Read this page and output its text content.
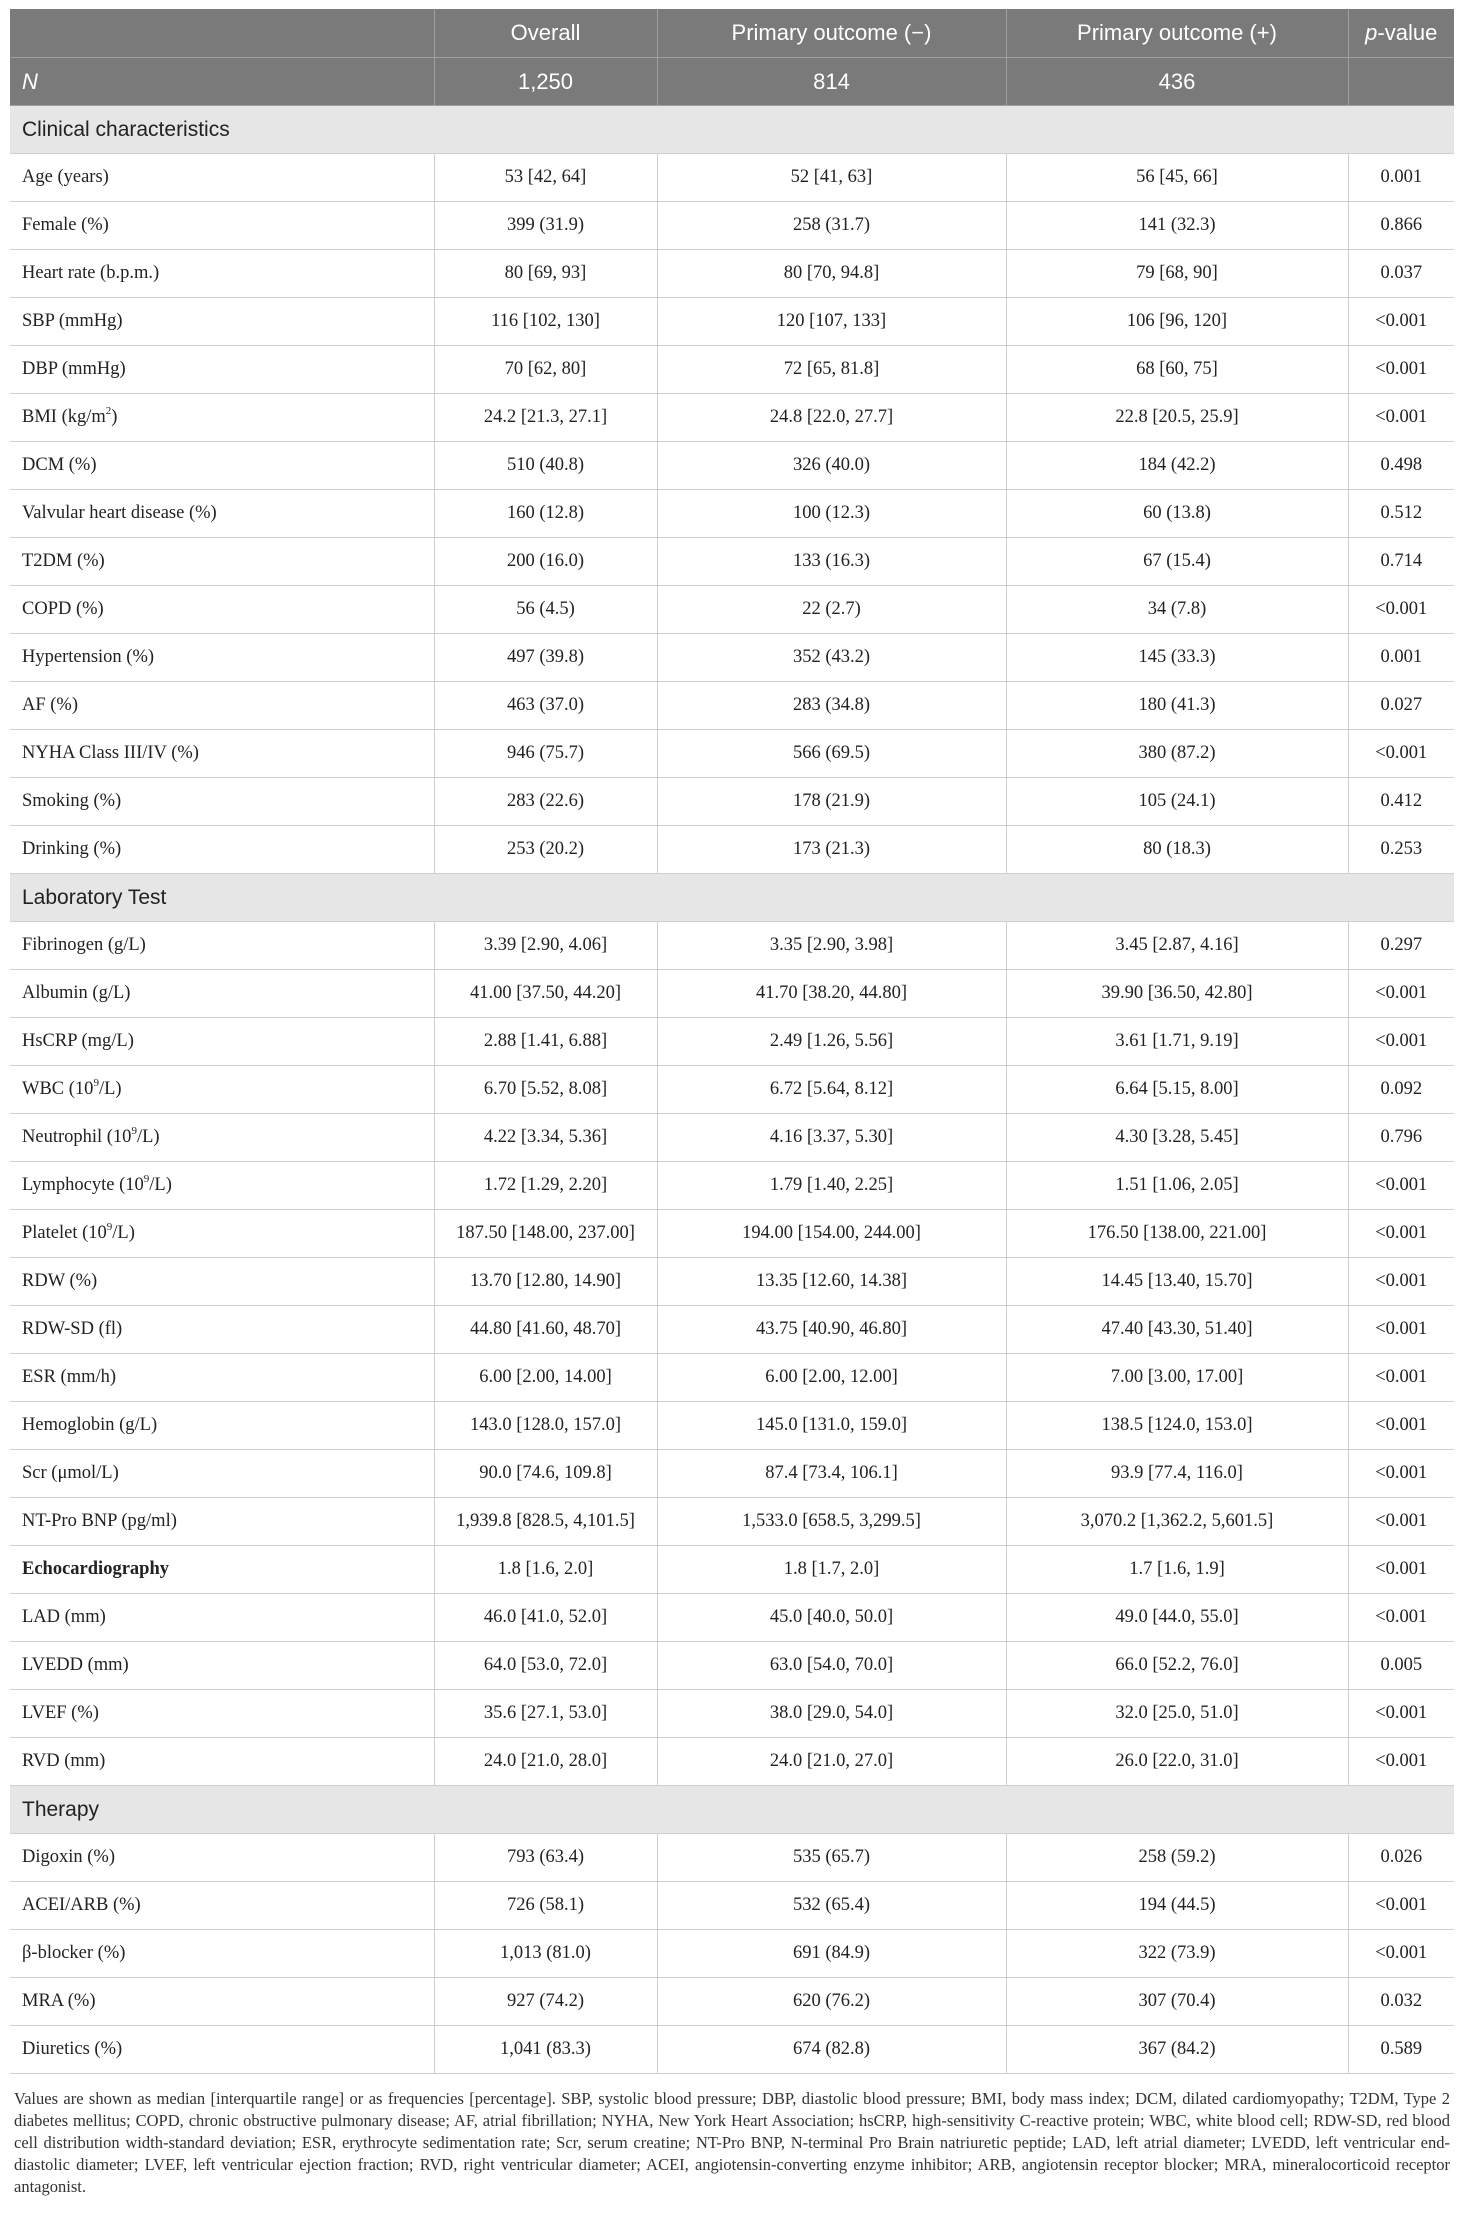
	Overall	Primary outcome (−)	Primary outcome (+)	p-value
N	1,250	814	436	
Clinical characteristics				
Age (years)	53 [42, 64]	52 [41, 63]	56 [45, 66]	0.001
Female (%)	399 (31.9)	258 (31.7)	141 (32.3)	0.866
Heart rate (b.p.m.)	80 [69, 93]	80 [70, 94.8]	79 [68, 90]	0.037
SBP (mmHg)	116 [102, 130]	120 [107, 133]	106 [96, 120]	<0.001
DBP (mmHg)	70 [62, 80]	72 [65, 81.8]	68 [60, 75]	<0.001
BMI $(kg/m^2)$	24.2 [21.3, 27.1]	24.8 [22.0, 27.7]	22.8 [20.5, 25.9]	<0.001
DCM (%)	510 (40.8)	326 (40.0)	184 (42.2)	0.498
Valvular heart disease (%)	160 (12.8)	100 (12.3)	60 (13.8)	0.512
T2DM (%)	200 (16.0)	133 (16.3)	67 (15.4)	0.714
COPD (%)	56 (4.5)	22 (2.7)	34 (7.8)	<0.001
Hypertension (%)	497 (39.8)	352 (43.2)	145 (33.3)	0.001
AF (%)	463 (37.0)	283 (34.8)	180 (41.3)	0.027
NYHA Class III/IV (%)	946 (75.7)	566 (69.5)	380 (87.2)	<0.001
Smoking (%)	283 (22.6)	178 (21.9)	105 (24.1)	0.412
Drinking (%)	253 (20.2)	173 (21.3)	80 (18.3)	0.253
Laboratory Test				
Fibrinogen (g/L)	3.39 [2.90, 4.06]	3.35 [2.90, 3.98]	3.45 [2.87, 4.16]	0.297
Albumin (g/L)	41.00 [37.50, 44.20]	41.70 [38.20, 44.80]	39.90 [36.50, 42.80]	<0.001
HsCRP (mg/L)	2.88 [1.41, 6.88]	2.49 [1.26, 5.56]	3.61 [1.71, 9.19]	<0.001
WBC $(10^9/L)$	6.70 [5.52, 8.08]	6.72 [5.64, 8.12]	6.64 [5.15, 8.00]	0.092
Neutrophil $(10^9/L)$	4.22 [3.34, 5.36]	4.16 [3.37, 5.30]	4.30 [3.28, 5.45]	0.796
Lymphocyte $(10^9/L)$	1.72 [1.29, 2.20]	1.79 [1.40, 2.25]	1.51 [1.06, 2.05]	<0.001
Platelet $(10^9/L)$	187.50 [148.00, 237.00]	194.00 [154.00, 244.00]	176.50 [138.00, 221.00]	<0.001
RDW (%)	13.70 [12.80, 14.90]	13.35 [12.60, 14.38]	14.45 [13.40, 15.70]	<0.001
RDW-SD (fl)	44.80 [41.60, 48.70]	43.75 [40.90, 46.80]	47.40 [43.30, 51.40]	<0.001
ESR (mm/h)	6.00 [2.00, 14.00]	6.00 [2.00, 12.00]	7.00 [3.00, 17.00]	<0.001
Hemoglobin (g/L)	143.0 [128.0, 157.0]	145.0 [131.0, 159.0]	138.5 [124.0, 153.0]	<0.001
Scr (μmol/L)	90.0 [74.6, 109.8]	87.4 [73.4, 106.1]	93.9 [77.4, 116.0]	<0.001
NT-Pro BNP (pg/ml)	1,939.8 [828.5, 4,101.5]	1,533.0 [658.5, 3,299.5]	3,070.2 [1,362.2, 5,601.5]	<0.001
Echocardiography	1.8 [1.6, 2.0]	1.8 [1.7, 2.0]	1.7 [1.6, 1.9]	<0.001
LAD (mm)	46.0 [41.0, 52.0]	45.0 [40.0, 50.0]	49.0 [44.0, 55.0]	<0.001
LVEDD (mm)	64.0 [53.0, 72.0]	63.0 [54.0, 70.0]	66.0 [52.2, 76.0]	0.005
LVEF (%)	35.6 [27.1, 53.0]	38.0 [29.0, 54.0]	32.0 [25.0, 51.0]	<0.001
RVD (mm)	24.0 [21.0, 28.0]	24.0 [21.0, 27.0]	26.0 [22.0, 31.0]	<0.001
Therapy				
Digoxin (%)	793 (63.4)	535 (65.7)	258 (59.2)	0.026
ACEI/ARB (%)	726 (58.1)	532 (65.4)	194 (44.5)	<0.001
β-blocker (%)	1,013 (81.0)	691 (84.9)	322 (73.9)	<0.001
MRA (%)	927 (74.2)	620 (76.2)	307 (70.4)	0.032
Diuretics (%)	1,041 (83.3)	674 (82.8)	367 (84.2)	0.589
Values are shown as median [interquartile range] or as frequencies [percentage]. SBP, systolic blood pressure; DBP, diastolic blood pressure; BMI, body mass index; DCM, dilated cardiomyopathy; T2DM, Type 2 diabetes mellitus; COPD, chronic obstructive pulmonary disease; AF, atrial fibrillation; NYHA, New York Heart Association; hsCRP, high-sensitivity C-reactive protein; WBC, white blood cell; RDW-SD, red blood cell distribution width-standard deviation; ESR, erythrocyte sedimentation rate; Scr, serum creatine; NT-Pro BNP, N-terminal Pro Brain natriuretic peptide; LAD, left atrial diameter; LVEDD, left ventricular end-diastolic diameter; LVEF, left ventricular ejection fraction; RVD, right ventricular diameter; ACEI, angiotensin-converting enzyme inhibitor; ARB, angiotensin receptor blocker; MRA, mineralocorticoid receptor antagonist.
